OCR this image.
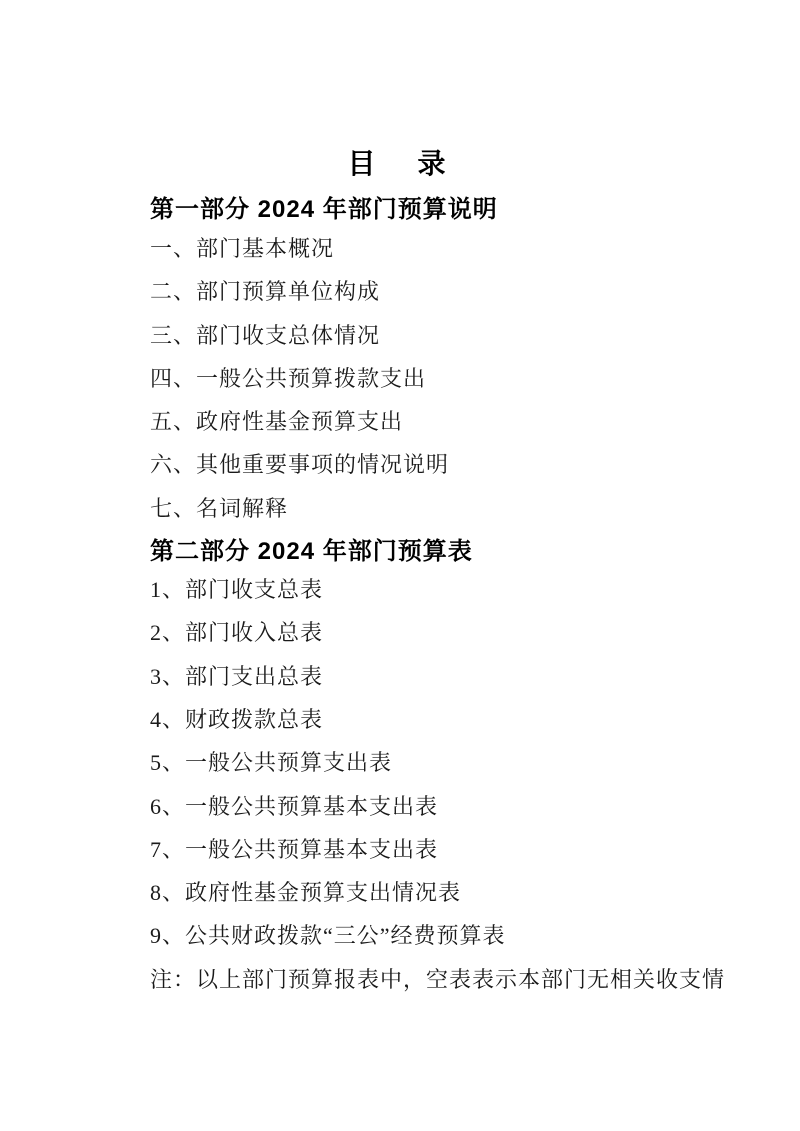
目　录
第一部分 2024 年部门预算说明

一、部门基本概况

二、部门预算单位构成

三、部门收支总体情况

四、一般公共预算拨款支出

五、政府性基金预算支出

六、其他重要事项的情况说明

七、名词解释

第二部分 2024 年部门预算表

1、部门收支总表

2、部门收入总表

3、部门支出总表

4、财政拨款总表

5、一般公共预算支出表

6、一般公共预算基本支出表

7、一般公共预算基本支出表

8、政府性基金预算支出情况表

9、公共财政拨款“三公”经费预算表

注：以上部门预算报表中，空表表示本部门无相关收支情
